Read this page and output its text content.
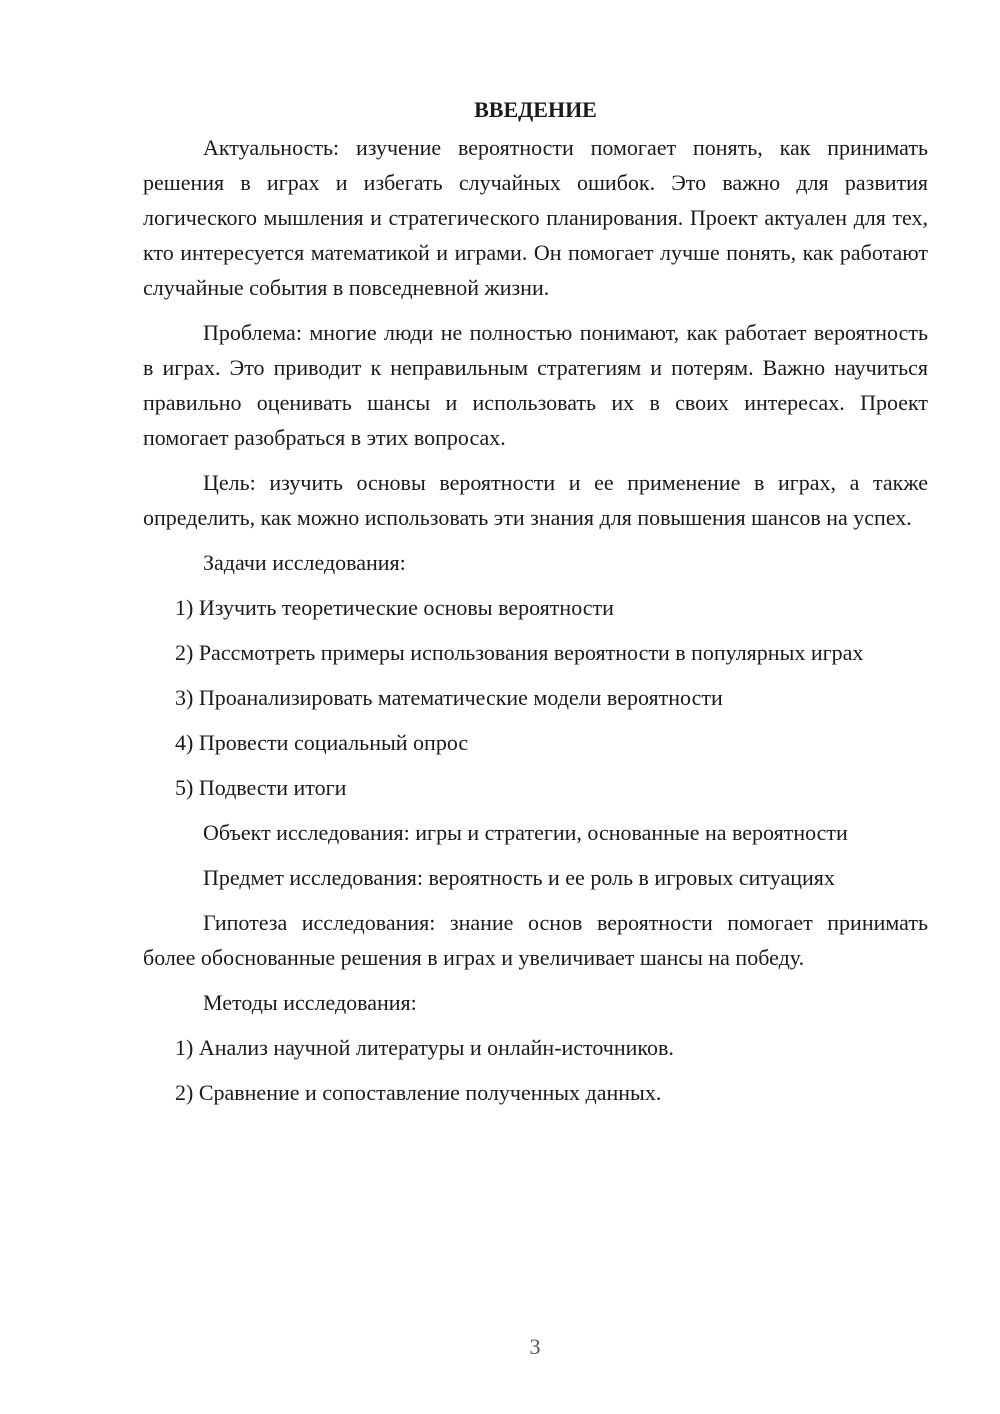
ВВЕДЕНИЕ

Актуальность: изучение вероятности помогает понять, как принимать решения в играх и избегать случайных ошибок. Это важно для развития логического мышления и стратегического планирования. Проект актуален для тех, кто интересуется математикой и играми. Он помогает лучше понять, как работают случайные события в повседневной жизни.

Проблема: многие люди не полностью понимают, как работает вероятность в играх. Это приводит к неправильным стратегиям и потерям. Важно научиться правильно оценивать шансы и использовать их в своих интересах. Проект помогает разобраться в этих вопросах.

Цель: изучить основы вероятности и ее применение в играх, а также определить, как можно использовать эти знания для повышения шансов на успех.

Задачи исследования:

1) Изучить теоретические основы вероятности

2) Рассмотреть примеры использования вероятности в популярных играх

3) Проанализировать математические модели вероятности

4) Провести социальный опрос

5) Подвести итоги

Объект исследования: игры и стратегии, основанные на вероятности

Предмет исследования: вероятность и ее роль в игровых ситуациях

Гипотеза исследования: знание основ вероятности помогает принимать более обоснованные решения в играх и увеличивает шансы на победу.

Методы исследования:

1) Анализ научной литературы и онлайн-источников.

2) Сравнение и сопоставление полученных данных.

3
